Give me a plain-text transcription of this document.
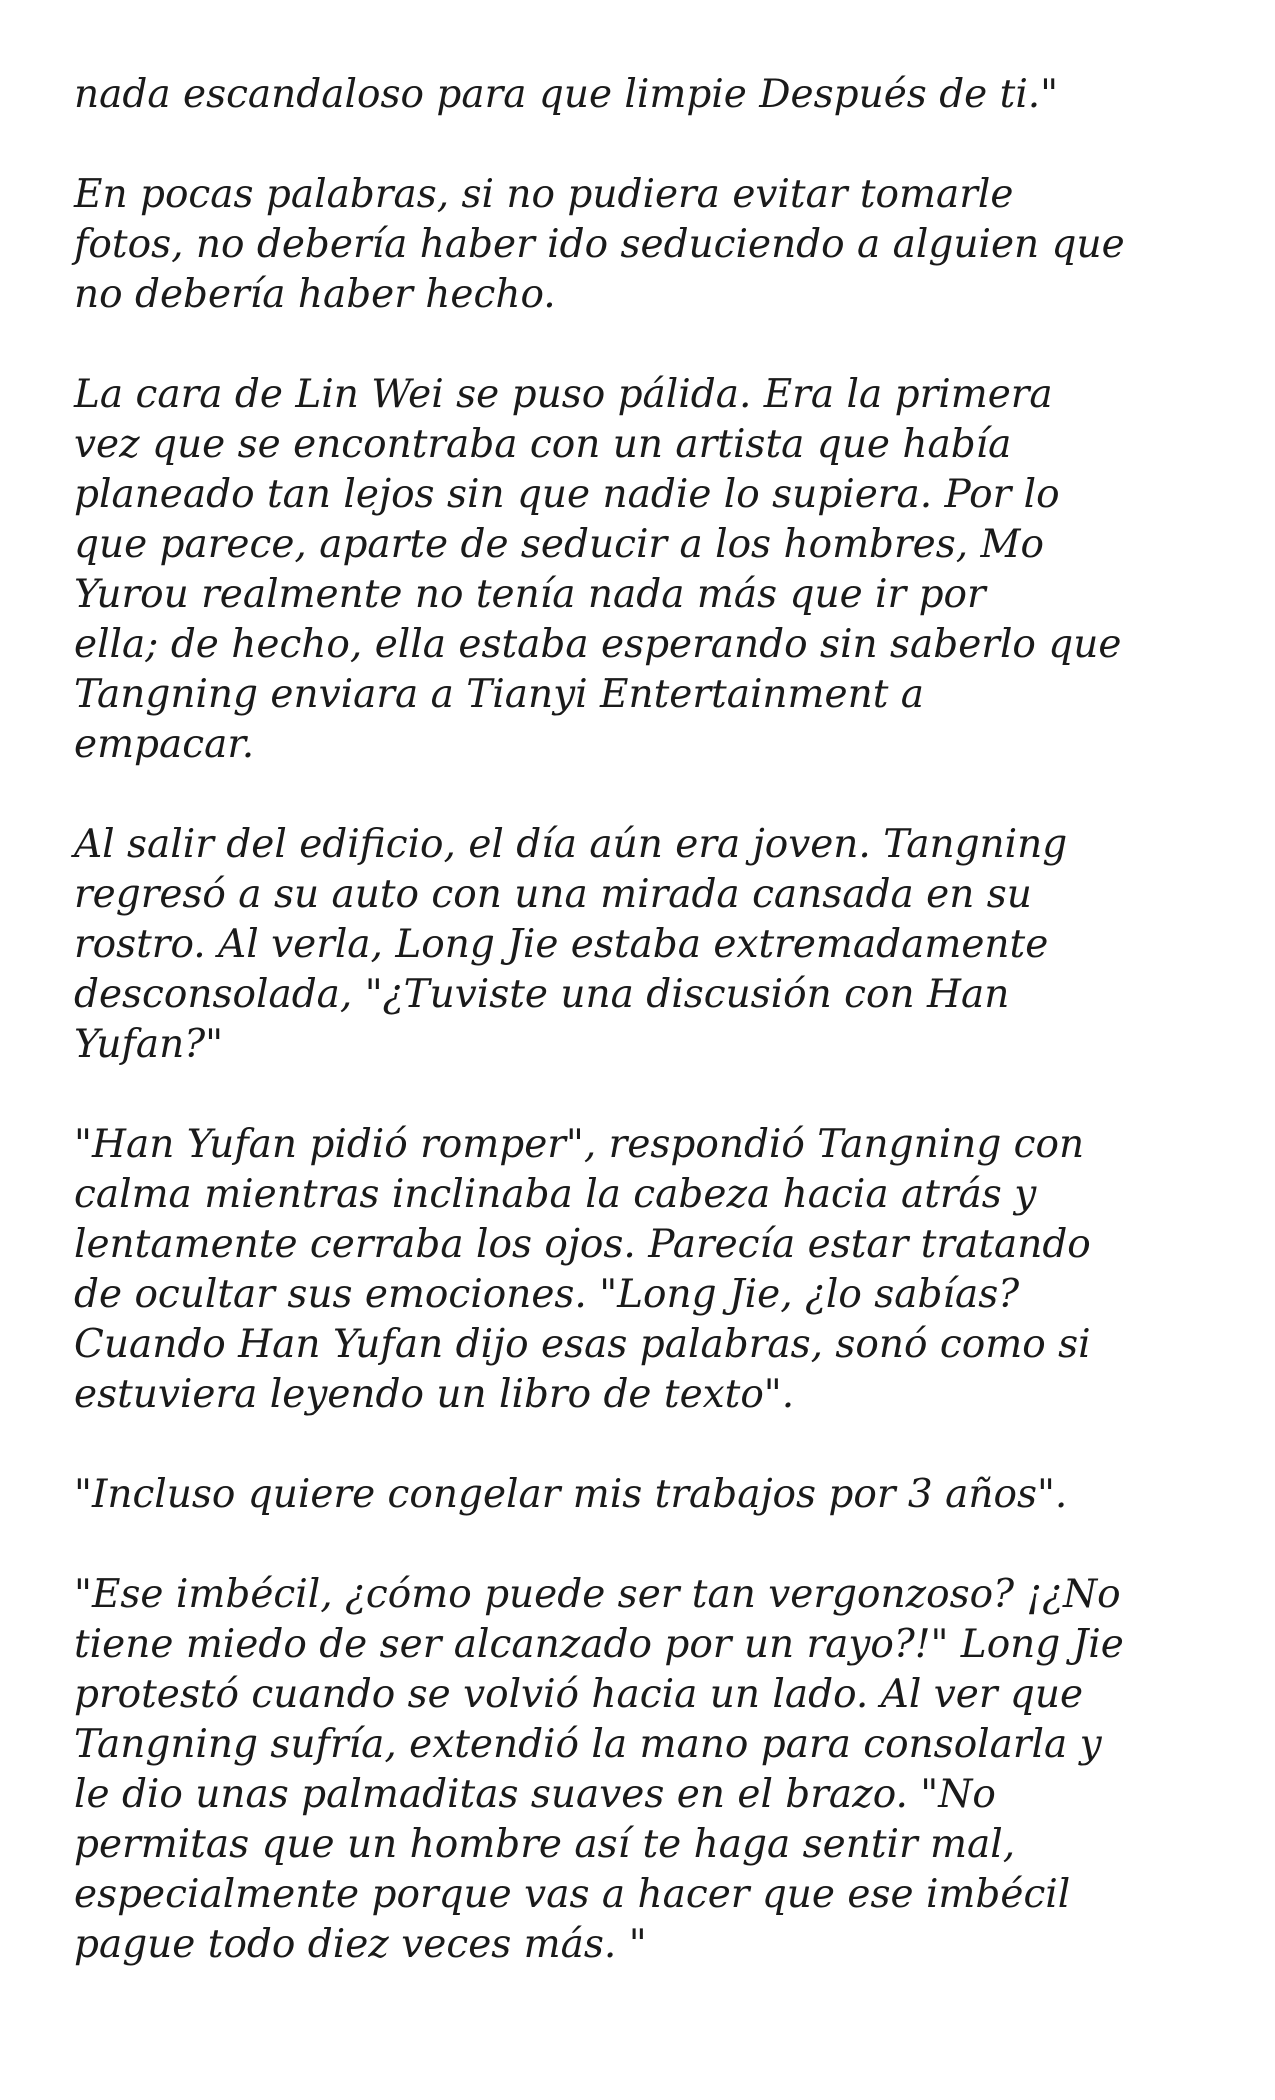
nada escandaloso para que limpie Después de ti."

En pocas palabras, si no pudiera evitar tomarle
fotos, no debería haber ido seduciendo a alguien que
no debería haber hecho.

La cara de Lin Wei se puso pálida. Era la primera
vez que se encontraba con un artista que había
planeado tan lejos sin que nadie lo supiera. Por lo
que parece, aparte de seducir a los hombres, Mo
Yurou realmente no tenía nada más que ir por
ella; de hecho, ella estaba esperando sin saberlo que
Tangning enviara a Tianyi Entertainment a
empacar.

Al salir del edificio, el día aún era joven. Tangning
regresó a su auto con una mirada cansada en su
rostro. Al verla, Long Jie estaba extremadamente
desconsolada, "¿Tuviste una discusión con Han
Yufan?"

"Han Yufan pidió romper", respondió Tangning con
calma mientras inclinaba la cabeza hacia atrás y
lentamente cerraba los ojos. Parecía estar tratando
de ocultar sus emociones. "Long Jie, ¿lo sabías?
Cuando Han Yufan dijo esas palabras, sonó como si
estuviera leyendo un libro de texto".

"Incluso quiere congelar mis trabajos por 3 años".

"Ese imbécil, ¿cómo puede ser tan vergonzoso? ¡¿No
tiene miedo de ser alcanzado por un rayo?!" Long Jie
protestó cuando se volvió hacia un lado. Al ver que
Tangning sufría, extendió la mano para consolarla y
le dio unas palmaditas suaves en el brazo. "No
permitas que un hombre así te haga sentir mal,
especialmente porque vas a hacer que ese imbécil
pague todo diez veces más. "
